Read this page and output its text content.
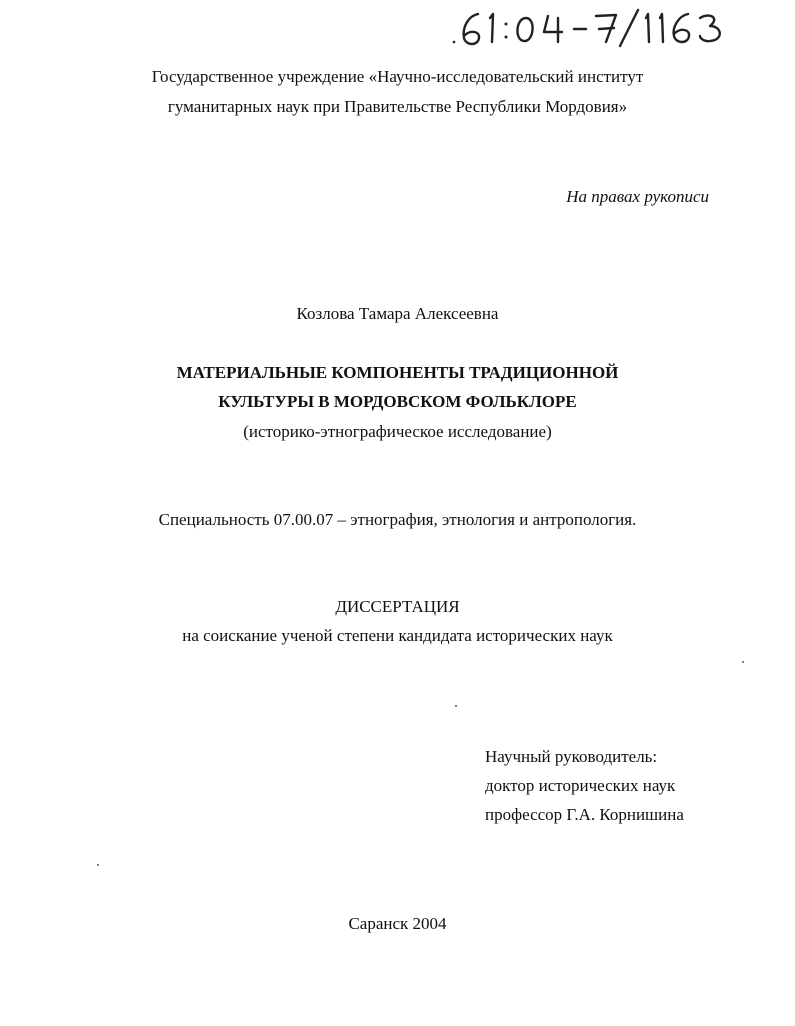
Государственное учреждение «Научно-исследовательский институт
гуманитарных наук при Правительстве Республики Мордовия»
На правах рукописи
Козлова Тамара Алексеевна
МАТЕРИАЛЬНЫЕ КОМПОНЕНТЫ ТРАДИЦИОННОЙ
КУЛЬТУРЫ В МОРДОВСКОМ ФОЛЬКЛОРЕ
(историко-этнографическое исследование)
Специальность 07.00.07 – этнография, этнология и антропология.
ДИССЕРТАЦИЯ
на соискание ученой степени кандидата исторических наук
Научный руководитель:
доктор исторических наук
профессор Г.А. Корнишина
Саранск 2004
